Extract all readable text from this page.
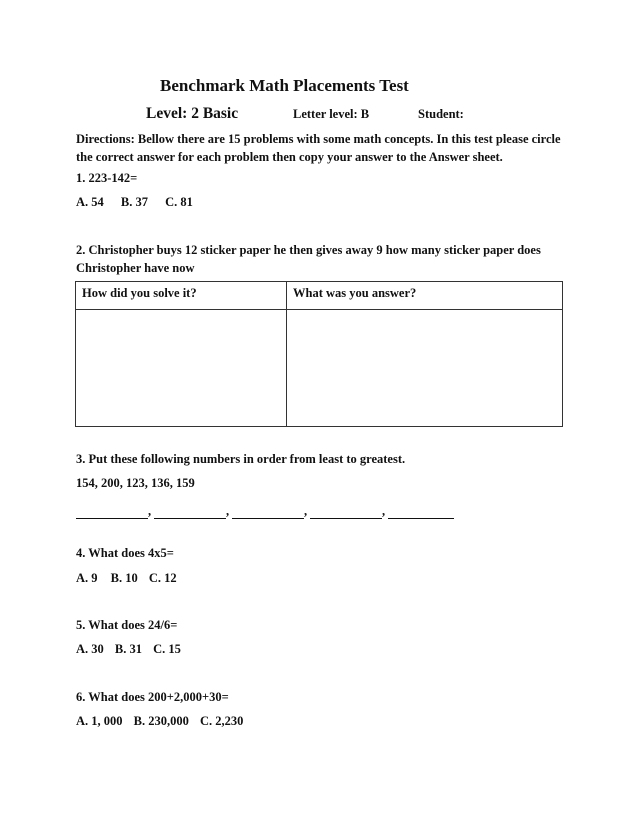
Benchmark Math Placements Test
Level: 2 Basic	Letter level: B	Student:
Directions: Bellow there are 15 problems with some math concepts. In this test please circle the correct answer for each problem then copy your answer to the Answer sheet.
1. 223-142=
A. 54 B. 37 C. 81
2. Christopher buys 12 sticker paper he then gives away 9 how many sticker paper does Christopher have now
How did you solve it?	What was you answer?

3. Put these following numbers in order from least to greatest.
154, 200, 123, 136, 159
,	,	,	,
4. What does 4x5=
A. 9 B. 10 C. 12
5. What does 24/6=
A. 30 B. 31 C. 15
6. What does 200+2,000+30=
A. 1, 000 B. 230,000 C. 2,230
